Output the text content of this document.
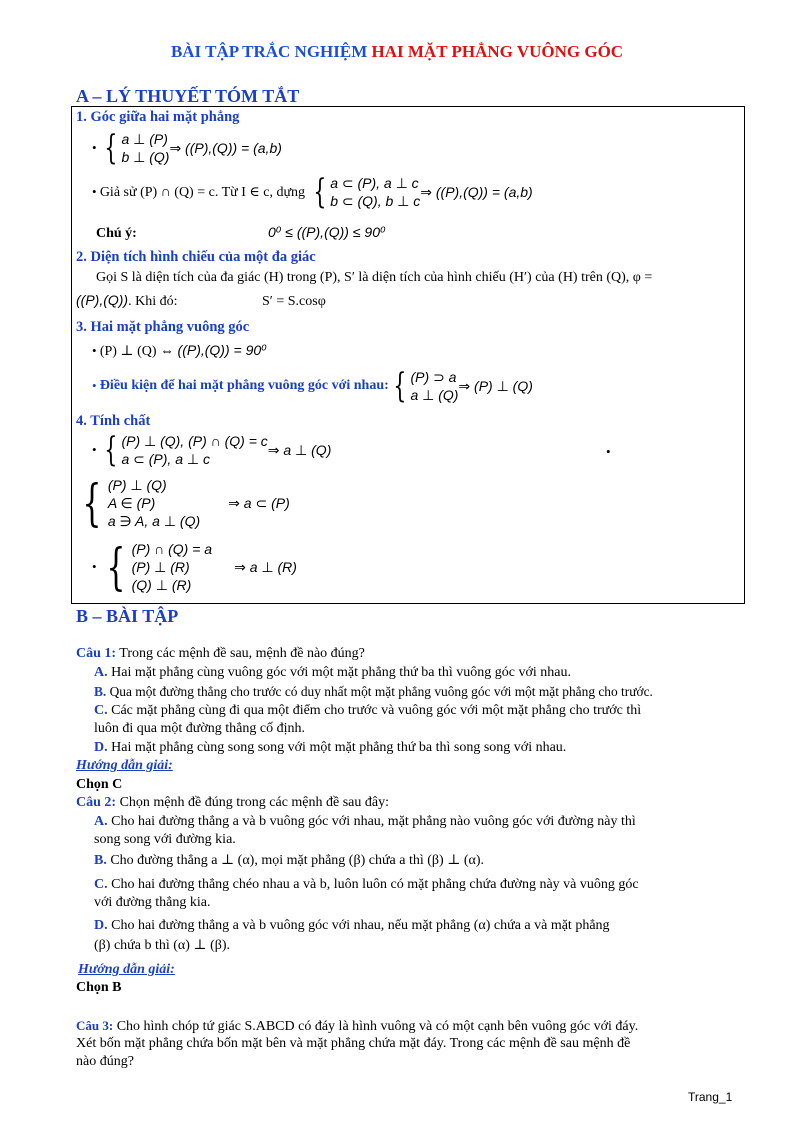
BÀI TẬP TRẮC NGHIỆM HAI MẶT PHẲNG VUÔNG GÓC
A – LÝ THUYẾT TÓM TẮT
1. Góc giữa hai mặt phẳng
• { a ⊥ (P)
b ⊥ (Q)
⇒ ((P),(Q)) = (a,b)
• Giả sử (P) ∩ (Q) = c. Từ I ∈ c, dựng
{ a ⊂ (P), a ⊥ c
b ⊂ (Q), b ⊥ c
⇒ ((P),(Q)) = (a,b)
Chú ý:	0⁰ ≤ ((P),(Q)) ≤ 90⁰
2. Diện tích hình chiếu của một đa giác
Gọi S là diện tích của đa giác (H) trong (P), S′ là diện tích của hình chiếu (H′) của (H) trên (Q), φ =
((P),(Q)). Khi đó:	S′ = S.cosφ
3. Hai mặt phẳng vuông góc
• (P) ⊥ (Q) ⇔ ((P),(Q)) = 90⁰
• Điều kiện để hai mặt phẳng vuông góc với nhau: { (P) ⊃ a
a ⊥ (Q)
⇒ (P) ⊥ (Q)
4. Tính chất
• { (P) ⊥ (Q), (P) ∩ (Q) = c
a ⊂ (P), a ⊥ c
⇒ a ⊥ (Q)	•
{ (P) ⊥ (Q)
A ∈ (P)
a ∋ A, a ⊥ (Q)
⇒ a ⊂ (P)
• { (P) ∩ (Q) = a
(P) ⊥ (R)
(Q) ⊥ (R)
⇒ a ⊥ (R)
B – BÀI TẬP
Câu 1: Trong các mệnh đề sau, mệnh đề nào đúng?
A. Hai mặt phẳng cùng vuông góc với một mặt phẳng thứ ba thì vuông góc với nhau.
B. Qua một đường thẳng cho trước có duy nhất một mặt phẳng vuông góc với một mặt phẳng cho trước.
C. Các mặt phẳng cùng đi qua một điểm cho trước và vuông góc với một mặt phẳng cho trước thì
luôn đi qua một đường thẳng cố định.
D. Hai mặt phẳng cùng song song với một mặt phẳng thứ ba thì song song với nhau.
Hướng dẫn giải:
Chọn C
Câu 2: Chọn mệnh đề đúng trong các mệnh đề sau đây:
A. Cho hai đường thẳng a và b vuông góc với nhau, mặt phẳng nào vuông góc với đường này thì
song song với đường kia.
B. Cho đường thẳng a ⊥ (α), mọi mặt phẳng (β) chứa a thì (β) ⊥ (α).
C. Cho hai đường thẳng chéo nhau a và b, luôn luôn có mặt phẳng chứa đường này và vuông góc
với đường thẳng kia.
D. Cho hai đường thẳng a và b vuông góc với nhau, nếu mặt phẳng (α) chứa a và mặt phẳng
(β) chứa b thì (α) ⊥ (β).
Hướng dẫn giải:
Chọn B
Câu 3: Cho hình chóp tứ giác S.ABCD có đáy là hình vuông và có một cạnh bên vuông góc với đáy.
Xét bốn mặt phẳng chứa bốn mặt bên và mặt phẳng chứa mặt đáy. Trong các mệnh đề sau mệnh đề
nào đúng?
Trang_1
